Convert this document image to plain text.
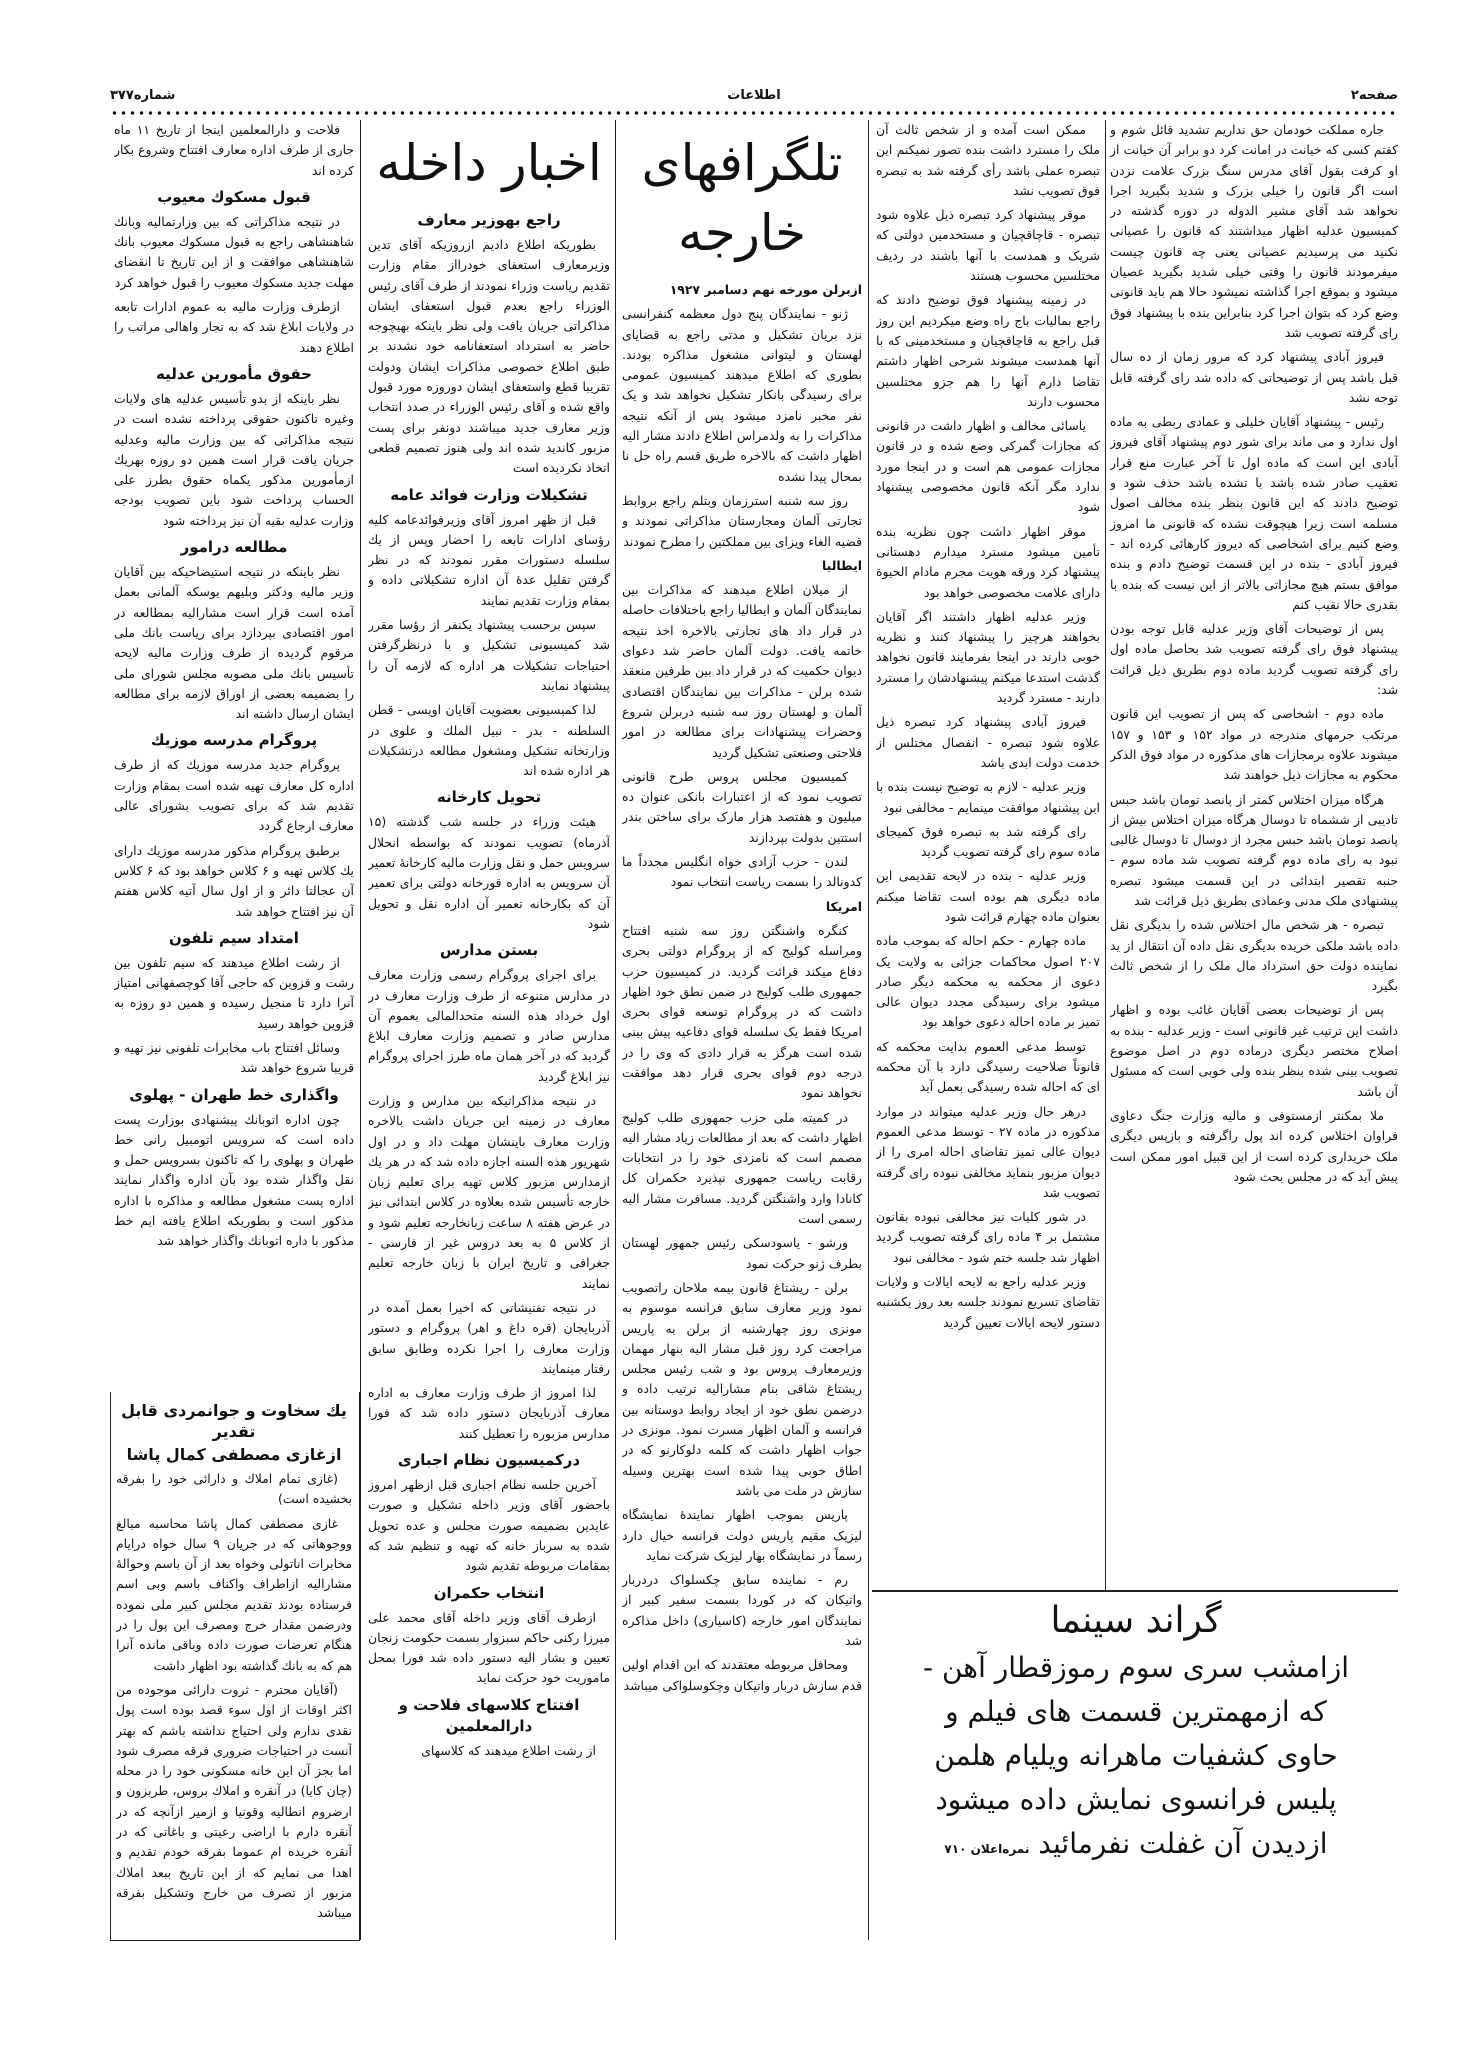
صفحه۲
اطلاعات
شماره۳۷۷

جاره مملکت خودمان حق نداریم تشدید قائل شوم و کفتم کسی که خیانت در امانت کرد دو برابر آن خیانت از او کرفت بقول آقای مدرس سنگ بزرک علامت نزدن است اگر قانون را خیلی بزرک و شدید بگیرید اجرا نخواهد شد آقای مشیر الدوله در دوره گذشته در کمیسیون عدلیه اظهار میداشتند که قانون را عصیانی نکنید می پرسیدیم عصیانی یعنی چه قانون چیست میفرمودند قانون را وقتی خیلی شدید بگیرید عصیان میشود و بموقع اجرا گذاشته نمیشود حالا هم باید قانونی وضع کرد که بتوان اجرا کرد بنابراین بنده با پیشنهاد فوق رای گرفته تصویب شد

فیروز آبادی پیشنهاد کرد که مرور زمان از ده سال قبل باشد پس از توضیحاتی که داده شد رای گرفته قابل توجه نشد

رئیس - پیشنهاد آقایان خلیلی و عمادی ربطی به ماده اول ندارد و می ماند برای شور دوم پیشنهاد آقای فیروز آبادی این است که ماده اول تا آخر عبارت منع قرار تعقیب صادر شده باشد با تشده باشد حذف شود و توضیح دادند که این قانون بنظر بنده مخالف اصول مسلمه است زیرا هیچوقت نشده که قانونی ما امروز وضع کنیم برای اشخاصی که دیروز کارهائی کرده اند - فیروز آبادی - بنده در این قسمت توضیح دادم و بنده موافق بستم هیچ مجازاتی بالاتر از این نیست که بنده با بقدری حالا نقیب کنم

پس از توضیحات آقای وزیر عدلیه قابل توجه بودن پیشنهاد فوق رای گرفته تصویب شد بحاصل ماده اول رای گرفته تصویب گردید ماده دوم بطریق ذیل قرائت شد:

ماده دوم - اشخاصی که پس از تصویب این قانون مرتکب جرمهای مندرجه در مواد ۱۵۲ و ۱۵۳ و ۱۵۷ میشوند علاوه برمجازات های مذکوره در مواد فوق الذکر محکوم به مجازات ذیل خواهند شد

هرگاه میزان اختلاس کمتر از پانصد تومان باشد حبس تادیبی از ششماه تا دوسال هرگاه میزان اختلاس بیش از پانصد تومان باشد حبس مجرد از دوسال تا دوسال غالبی نبود به رای ماده دوم گرفته تصویب شد ماده سوم - جنبه تقصیر ابتدائی در این قسمت میشود تبصره پیشنهادی ملک مدنی وعمادی بطریق ذیل قرائت شد

تبصره - هر شخص مال اختلاس شده را بدیگری نقل داده باشد ملکی خریده بدیگری نقل داده آن انتقال از ید نماینده دولت حق استرداد مال ملک را از شخص ثالث بگیرد

پس از توضیحات بعضی آقایان غائب بوده و اظهار داشت این ترتیب غیر قانونی است - وزیر عدلیه - بنده به اصلاح مختصر دیگری درماده دوم در اصل موضوع تصویب بینی شده بنظر بنده ولی خوبی است که مسئول آن باشد

ملا بمکنتر ازمستوفی و مالیه وزارت جنگ دعاوی فراوان اختلاس کرده اند پول راگرفته و بازپس دیگری ملک خریداری کرده است از این قبیل امور ممکن است پیش آید که در مجلس بحث شود

ممکن است آمده و از شخص ثالث آن ملک را مسترد داشت بنده تصور نمیکنم این تبصره عملی باشد رأی گرفته شد به تبصره فوق تصویب نشد

موقر پیشنهاد کرد تبصره ذیل علاوه شود تبصره - قاچاقچیان و مستخدمین دولتی که شریک و همدست با آنها باشند در ردیف مختلسین محسوب هستند

در زمینه پیشنهاد فوق توضیح دادند که راجع بمالیات باج راه وضع میکردیم این روز قبل راجع به قاچاقچیان و مستخدمینی که با آنها همدست میشوند شرحی اظهار داشتم تقاضا دارم آنها را هم جزو مختلسین محسوب دارند

یاسائی مخالف و اظهار داشت در قانونی که مجازات گمرکی وضع شده و در قانون مجازات عمومی هم است و در اینجا مورد ندارد مگر آنکه قانون مخصوصی پیشنهاد شود

موقر اظهار داشت چون نظریه بنده تأمین میشود مسترد میدارم دهستانی پیشنهاد کرد ورقه هویت مجرم مادام الحیوة دارای علامت مخصوصی خواهد بود

وزیر عدلیه اظهار داشتند اگر آقایان بخواهند هرچیز را پیشنهاد کنند و نظریه خوبی دارند در اینجا بفرمایند قانون نخواهد گذشت استدعا میکنم پیشنهادشان را مسترد دارند - مسترد گردید

فیروز آبادی پیشنهاد کرد تبصره ذیل علاوه شود تبصره - انفصال مختلس از خدمت دولت ابدی باشد

وزیر عدلیه - لازم به توضیح نیست بنده با این پیشنهاد موافقت مینمایم - مخالفی نبود

رای گرفته شد به تبصره فوق کمیجای ماده سوم رای گرفته تصویب گردید

وزیر عدلیه - بنده در لایحه تقدیمی این ماده دیگری هم بوده است تقاضا میکنم بعنوان ماده چهارم قرائت شود

ماده چهارم - حکم احاله که بموجب ماده ۲۰۷ اصول محاکمات جزائی به ولایت یک دعوی از محکمه به محکمه دیگر صادر میشود برای رسیدگی مجدد دیوان عالی تمیز بر ماده احاله دعوی خواهد بود

توسط مدعی العموم بدایت محکمه که قانوناً صلاحیت رسیدگی دارد با آن محکمه ای که احاله شده رسیدگی بعمل آید

درهر حال وزیر عدلیه میتواند در موارد مذکوره در ماده ۲۷ - توسط مدعی العموم دیوان عالی تمیز تقاضای احاله امری را از دیوان مزبور بنماید مخالفی نبوده رای گرفته تصویب شد

در شور کلیات نیز مخالفی نبوده بقانون مشتمل بر ۴ ماده رای گرفته تصویب گردید اظهار شد جلسه ختم شود - مخالفی نبود

وزیر عدلیه راجع به لایحه ایالات و ولایات تقاضای تسریع نمودند جلسه بعد روز یکشنبه دستور لایحه ایالات تعیین گردید

تلگرافهای خارجه

ازبرلن مورخه نهم دسامبر ۱۹۲۷

ژنو - نمایندگان پنج دول معظمه کنفرانسی نزد بریان تشکیل و مدتی راجع به قضایای لهستان و لیتوانی مشغول مذاکره بودند. بطوری که اطلاع میدهند کمیسیون عمومی برای رسیدگی بانکار تشکیل نخواهد شد و یک نفر مخبر نامزد میشود پس از آنکه نتیجه مذاکرات را به ولدمراس اطلاع دادند مشار الیه اظهار داشت که بالاخره طریق قسم راه حل نا بمحال پیدا نشده

روز سه شنبه استرزمان وبتلم راجع بروابط تجارتی آلمان ومجارستان مذاکراتی نمودند و قضیه الغاء ویزای بین مملکتین را مطرح نمودند

ایطالیا

از میلان اطلاع میدهند که مذاکرات بین نمایندگان آلمان و ایطالیا راجع باختلافات حاصله در قرار داد های تجارتی بالاخره اخذ نتیجه خاتمه یافت. دولت آلمان حاضر شد دعوای دیوان حکمیت که در قرار داد بین طرفین منعقد شده برلن - مذاکرات بین نمایندگان اقتصادی آلمان و لهستان روز سه شنبه دربرلن شروع وحضرات پیشنهادات برای مطالعه در امور فلاحتی وصنعتی تشکیل گردید

کمیسیون مجلس پروس طرح قانونی تصویب نمود که از اعتبارات بانکی عنوان ده میلیون و هفتصد هزار مارک برای ساختن بندر استتین بدولت بپردازند

لندن - حزب آزادی خواه انگلیس مجدداً ما کدونالد را بسمت ریاست انتخاب نمود

امریکا

کنگره واشنگتن روز سه شنبه افتتاح ومراسله کولیج که از پروگرام دولتی بحری دفاع میکند قرائت گردید. در کمیسیون حزب جمهوری طلب کولیج در ضمن نطق خود اظهار داشت که در پروگرام توسعه قوای بحری امریکا فقط یک سلسله قوای دفاعیه پیش بینی شده است هرگز به قرار دادی که وی را در درجه دوم قوای بحری قرار دهد موافقت نخواهد نمود

در کمیته ملی حزب جمهوری طلب کولیج اظهار داشت که بعد از مطالعات زیاد مشار الیه مصمم است که نامزدی خود را در انتخابات رقابت ریاست جمهوری نپذیرد حکمران کل کانادا وارد واشنگتن گردید. مسافرت مشار الیه رسمی است

ورشو - یاسودسکی رئیس جمهور لهستان بطرف ژنو حرکت نمود

برلن - ریشتاغ قانون بیمه ملاحان راتصویب نمود وزیر معارف سابق فرانسه موسوم به مونزی روز چهارشنبه از برلن به پاریس مراجعت کرد روز قبل مشار الیه بنهار مهمان وزیرمعارف پروس بود و شب رئیس مجلس ریشتاغ شاقی بنام مشارالیه ترتیب داده و درضمن نطق خود از ایجاد روابط دوستانه بین فرانسه و آلمان اظهار مسرت نمود. مونزی در جواب اظهار داشت که کلمه دلوکارنو که در اطاق خوبی پیدا شده است بهترین وسیله سازش در ملت می باشد

پاریس بموجب اظهار نمایندهٔ نمایشگاه لیزیک مقیم پاریس دولت فرانسه خیال دارد رسماً در نمایشگاه بهار لیزیک شرکت نماید

رم - نماینده سابق چکسلواک دردربار واتیکان که در کوردا بسمت سفیر کبیر از نمایندگان امور خارجه (کاسیاری) داخل مذاکره شد

ومحافل مربوطه معتقدند که این اقدام اولین قدم سازش دربار واتیکان وچکوسلواکی میباشد

اخبار داخله
راجع بهوزیر معارف

بطوریکه اطلاع دادیم ازروزیکه آقای تدین وزیرمعارف استعفای خودرااز مقام وزارت تقدیم ریاست وزراء نمودند از طرف آقای رئیس الوزراء راجع بعدم قبول استعفای ایشان مذاکراتی جریان یافت ولی نظر باینکه بهیچوجه حاضر به استرداد استعفانامه خود نشدند بر طبق اطلاع خصوصی مذاکرات ایشان ودولت تقریبا قطع واستعفای ایشان دوروزه مورد قبول واقع شده و آقای رئیس الوزراء در صدد انتخاب وزیر معارف جدید میباشند دونفر برای پست مزبور کاندید شده اند ولی هنوز تصمیم قطعی اتخاذ نکردیده است

تشکیلات وزارت فوائد عامه

قبل از ظهر امروز آقای وزیرفوائدعامه کلیه رؤسای ادارات تابعه را احضار وپس از یك سلسله دستورات مقرر نمودند که در نظر گرفتن تقلیل عدهٔ آن اداره تشکیلاتی داده و بمقام وزارت تقدیم نمایند

سپس برحسب پیشنهاد یکنفر از رؤسا مقرر شد کمیسیونی تشکیل و با درنظرگرفتن احتیاجات تشکیلات هر اداره که لازمه آن را پیشنهاد نمایند

لذا کمیسیونی بعضویت آقایان اویسی - قطن السلطنه - بدر - نبیل الملك و علوی در وزارتخانه تشکیل ومشغول مطالعه درتشکیلات هر اداره شده اند

تحویل کارخانه

هیئت وزراء در جلسه شب گذشته (۱۵ آذرماه) تصویب نمودند که بواسطه انحلال سرویس حمل و نقل وزارت مالیه کارخانهٔ تعمیر آن سرویس به اداره قورخانه دولتی برای تعمیر آن که بکارخانه تعمیر آن اداره نقل و تحویل شود

بستن مدارس

برای اجرای پروگرام رسمی وزارت معارف در مدارس متنوعه از طرف وزارت معارف در اول خرداد هذه السنه متحدالمالی بعموم آن مدارس صادر و تصمیم وزارت معارف ابلاغ گردید که در آخر همان ماه طرز اجرای پروگرام نیز ابلاغ گردید

در نتیجه مذاکراتیکه بین مدارس و وزارت معارف در زمینه این جریان داشت بالاخره وزارت معارف باینشان مهلت داد و در اول شهریور هذه السنه اجازه داده شد که در هر یك ازمدارس مزبور کلاس تهیه برای تعلیم زبان خارجه تأسیس شده بعلاوه در کلاس ابتدائی نیز در عرض هفته ۸ ساعت زبانخارجه تعلیم شود و از کلاس ۵ به بعد دروس غیر از فارسی - جغرافی و تاریخ ایران با زبان خارجه تعلیم نمایند

در نتیجه تفتیشاتی که اخیرا بعمل آمده در آذربایجان (قره داغ و اهر) پروگرام و دستور وزارت معارف را اجرا نکرده وطابق سابق رفتار مینمایند

لذا امروز از طرف وزارت معارف به اداره معارف آذربایجان دستور داده شد که فورا مدارس مزبوره را تعطیل کنند

درکمیسیون نظام اجباری

آخرین جلسه نظام اجباری قبل ازظهر امروز باحضور آقای وزیر داخله تشکیل و صورت عایدین بضمیمه صورت مجلس و عده تحویل شده به سرباز خانه که تهیه و تنظیم شد که بمقامات مربوطه تقدیم شود

انتخاب حکمران

ازطرف آقای وزیر داخله آقای محمد علی میرزا رکنی حاکم سبزوار بسمت حکومت زنجان تعیین و بشار الیه دستور داده شد فورا بمحل ماموریت خود حرکت نماید

افتتاح کلاسهای فلاحت و دارالمعلمین

از رشت اطلاع میدهند که کلاسهای

فلاحت و دارالمعلمین اینجا از تاریخ ۱۱ ماه جاری از طرف اداره معارف افتتاح وشروع بکار کرده اند

قبول مسکوك معیوب

در نتیجه مذاکراتی که بین وزارتمالیه وبانك شاهنشاهی راجع به قبول مسکوك معیوب بانك شاهنشاهی موافقت و از این تاریخ تا انقضای مهلت جدید مسکوك معیوب را قبول خواهد کرد

ازطرف وزارت مالیه به عموم ادارات تابعه در ولایات ابلاغ شد که به تجار واهالی مراتب را اطلاع دهند

حقوق مأمورین عدلیه

نظر باینکه از بدو تأسیس عدلیه های ولایات وغیره تاکنون حقوقی پرداخته نشده است در نتیجه مذاکراتی که بین وزارت مالیه وعدلیه جریان یافت قرار است همین دو روزه بهریك ازمأمورین مذکور یکماه حقوق بطرز علی الحساب پرداخت شود باین تصویب بودجه وزارت عدلیه بقیه آن نیز پرداخته شود

مطالعه درامور

نظر باینکه در نتیجه استیضاحیکه بین آقایان وزیر مالیه ودکتر وبلیهم یوسکه آلمانی بعمل آمده است قرار است مشارالیه بمطالعه در امور اقتصادی بپردازد برای ریاست بانك ملی مرقوم گردیده از طرف وزارت مالیه لایحه تأسیس بانك ملی مصوبه مجلس شورای ملی را بضمیمه بعضی از اوراق لازمه برای مطالعه ایشان ارسال داشته اند

پروگرام مدرسه موزیك

پروگرام جدید مدرسه موزیك که از طرف اداره کل معارف تهیه شده است بمقام وزارت تقدیم شد که برای تصویب بشورای عالی معارف ارجاع گردد

برطبق پروگرام مذکور مدرسه موزیك دارای یك کلاس تهیه و ۶ کلاس خواهد بود که ۶ کلاس آن عجالتا دائر و از اول سال آتیه کلاس هفتم آن نیز افتتاح خواهد شد

امتداد سیم تلفون

از رشت اطلاع میدهند که سیم تلفون بین رشت و قزوین که حاجی آقا کوچصفهانی امتیاز آنرا دارد تا منجیل رسیده و همین دو روزه به قزوین خواهد رسید

وسائل افتتاح باب مخابرات تلفونی نیز تهیه و قریبا شروع خواهد شد

واگذاری خط طهران - پهلوی

چون اداره اتوبانك پیشنهادی بوزارت پست داده است که سرویس اتومبیل رانی خط طهران و پهلوی را که تاکنون بسرویس حمل و نقل واگذار شده بود بآن اداره واگذار نمایند اداره پست مشغول مطالعه و مذاکره با اداره مذکور است و بطوریکه اطلاع یافته ایم خط مذکور با داره اتوبانك واگذار خواهد شد

یك سخاوت و جوانمردی قابل تقدیر
ازغازی مصطفی کمال پاشا

(غازی تمام املاك و دارائی خود را بفرقه بخشیده است)

غازی مصطفی کمال پاشا محاسبه مبالغ ووجوهاتی که در جریان ۹ سال خواه درایام مخابرات اناتولی وخواه بعد از آن باسم وحوالهٔ مشارالیه ازاطراف واکناف باسم وبی اسم فرستاده بودند تقدیم مجلس کبیر ملی نموده ودرضمن مقدار خرج ومصرف این پول را در هنگام تعرضات صورت داده وباقی مانده آنرا هم که به بانك گذاشته بود اظهار داشت

(آقایان محترم - ثروت دارائی موجوده من اکثر اوقات از اول سوء قصد بوده است پول نقدی ندارم ولی احتیاج نداشته باشم که بهتر آنست در احتیاجات ضروری فرقه مصرف شود اما بجز آن این خانه مسکونی خود را در محله (چان کایا) در آنقره و املاك بروس، طربزون و ارضروم انطالیه وقونیا و ازمیر ازآنچه که در آنقره دارم با اراضی رعیتی و باغاتی که در آنقره خریده ام عموما بفرقه خودم تقدیم و اهدا می نمایم که از این تاریخ ببعد املاك مزبور از تصرف من خارج وتشکیل بفرقه میباشد

گراند سینما
ازامشب سری سوم رموزقطار آهن -
که ازمهمترین قسمت های فیلم و
حاوی کشفیات ماهرانه ویلیام هلمن
پلیس فرانسوی نمایش داده میشود
ازدیدن آن غفلت نفرمائید نمره‌اعلان ۷۱۰
